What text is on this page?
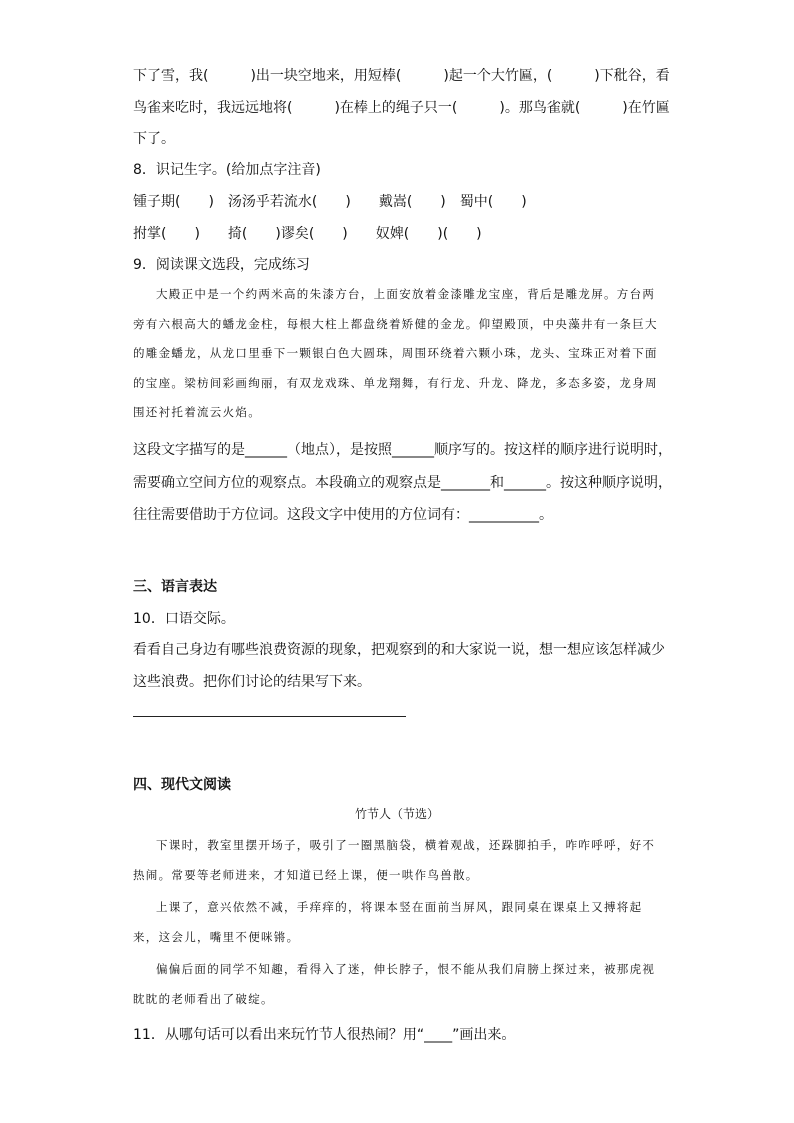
下了雪，我(　　　)出一块空地来，用短棒(　　　)起一个大竹匾，(　　　)下秕谷，看
鸟雀来吃时，我远远地将(　　　)在棒上的绳子只一(　　　)。那鸟雀就(　　　)在竹匾
下了。
8．识记生字。(给加点字注音)
锺子期(　　)　汤汤乎若流水(　　)　　戴嵩(　　)　蜀中(　　)
拊掌(　　)　　掎(　　)谬矣(　　)　　奴婢(　　)(　　)
9．阅读课文选段，完成练习
大殿正中是一个约两米高的朱漆方台，上面安放着金漆雕龙宝座，背后是雕龙屏。方台两旁有六根高大的蟠龙金柱，每根大柱上都盘绕着矫健的金龙。仰望殿顶，中央藻井有一条巨大的雕金蟠龙，从龙口里垂下一颗银白色大圆珠，周围环绕着六颗小珠，龙头、宝珠正对着下面的宝座。梁枋间彩画绚丽，有双龙戏珠、单龙翔舞，有行龙、升龙、降龙，多态多姿，龙身周围还衬托着流云火焰。
这段文字描写的是______（地点），是按照______顺序写的。按这样的顺序进行说明时，
需要确立空间方位的观察点。本段确立的观察点是_______和______。按这种顺序说明，
往往需要借助于方位词。这段文字中使用的方位词有：__________。
三、语言表达
10．口语交际。
看看自己身边有哪些浪费资源的现象，把观察到的和大家说一说，想一想应该怎样减少
这些浪费。把你们讨论的结果写下来。
四、现代文阅读
竹节人（节选）
下课时，教室里摆开场子，吸引了一圈黑脑袋，横着观战，还跺脚拍手，咋咋呼呼，好不热闹。常要等老师进来，才知道已经上课，便一哄作鸟兽散。
上课了，意兴依然不减，手痒痒的，将课本竖在面前当屏风，跟同桌在课桌上又搏将起来，这会儿，嘴里不便咪锵。
偏偏后面的同学不知趣，看得入了迷，伸长脖子，恨不能从我们肩膀上探过来，被那虎视眈眈的老师看出了破绽。
11．从哪句话可以看出来玩竹节人很热闹？用“____”画出来。
